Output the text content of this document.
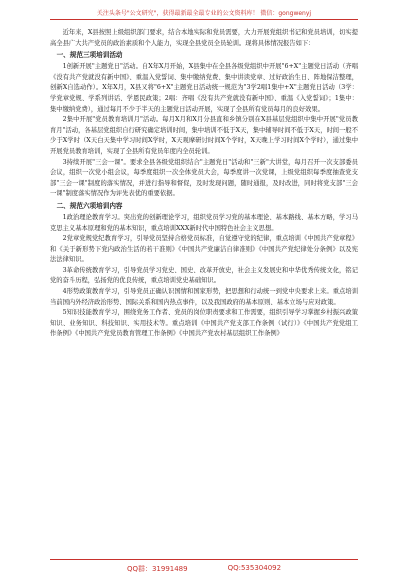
关注头条号"公文研究"，获得最新最全最专业的公文资料库！ 微信：gongwenyj

近年来，X县按照上级组织部门要求，结合本地实际和党员需要，大力开展党组织书记和党员培训，切实提高全县广大共产党员的政治素质和个人能力，实现全县党员全员轮训。现将具体情况报告如下：

一、规范三项培训活动

1创新开展"主题党日"活动。自X年X月开始，X县集中在全县各级党组织中开展"6+X"主题党日活动（齐唱《没有共产党就没有新中国》、重温入党誓词、集中缴纳党费、集中讲读党章、过好政治生日、阵地保洁整理，创新X自选动作）。X年X月，X县又将"6+X"主题党日活动统一规范为"3学2唱1集中+X"主题党日活动（3学：学党章党规、学系列讲话、学恩民政策；2唱：齐唱《没有共产党就没有新中国》、重温《入党誓词》；1集中：集中缴纳党费），通过每月不少于半天的主题党日活动开展，实现了全县所有党员每月的良好效果。

2集中开展"党员教育培训月"活动。每月X月和X月分县直和乡镇分别在X县基层党组织中集中开展"党员教育月"活动，各基层党组织自行研究确定培训时间，集中培训不低于X天，集中辅导时间不低于X天，时间一般不少于X学时（X天白天集中学习时间X学时，X天观摩研讨时间X个学时，X天晚上学习时间X个学时），通过集中开展党员教育培训，实现了全县所有党员年度内全员轮训。

3持续开展"三会一课"。要求全县各级党组织结合"主题党日"活动和"三新"大讲堂，每月召开一次支部委员会议，组织一次党小组会议，每季度组织一次全体党员大会，每季度讲一次党课，上级党组织每季度抽查党支部"三会一课"制度的落实情况，并进行指导和督促，及时发现问题，随时通报，及时改进，同时将党支部"三会一课"制度落实情况作为评先表优的重要依据。

二、规范六项培训内容

1政治理论教育学习。突出党的创新理论学习，组织党员学习党的基本理论、基本路线、基本方略，学习马克思主义基本原理和党的基本知识，重点培训XXX新时代中国特色社会主义思想。

2党章党规党纪教育学习，引导党员坚持合格党员标准，自觉遵守党的纪律，重点培训《中国共产党章程》和《关于新形势下党内政治生活的若干准则》《中国共产党廉洁自律准则》《中国共产党纪律处分条例》以及宪法法律知识。

3革命传统教育学习，引导党员学习党史、国史、改革开放史，社会主义发展史和中华优秀传统文化，铭记党的奋斗历程，弘扬党的优良传统，重点培训党史基础知识。

4形势政策教育学习，引导党员正确认识国情和国家形势，把思想和行动统一到党中央要求上来。重点培训当前国内外经济政治形势、国际关系和国内热点事件，以及我国政府的基本原则、基本立场与应对政策。

5知识技能教育学习，围绕党务工作者、党员的岗位职责要求和工作需要，组织引导学习掌握乡村振兴政策知识、业务知识、科技知识、实用技术等。重点培训《中国共产党支部工作条例（试行）》《中国共产党党组工作条例》《中国共产党党员教育管理工作条例》《中国共产党农村基层组织工作条例》

QQ群：31991489	QQ:535304092
